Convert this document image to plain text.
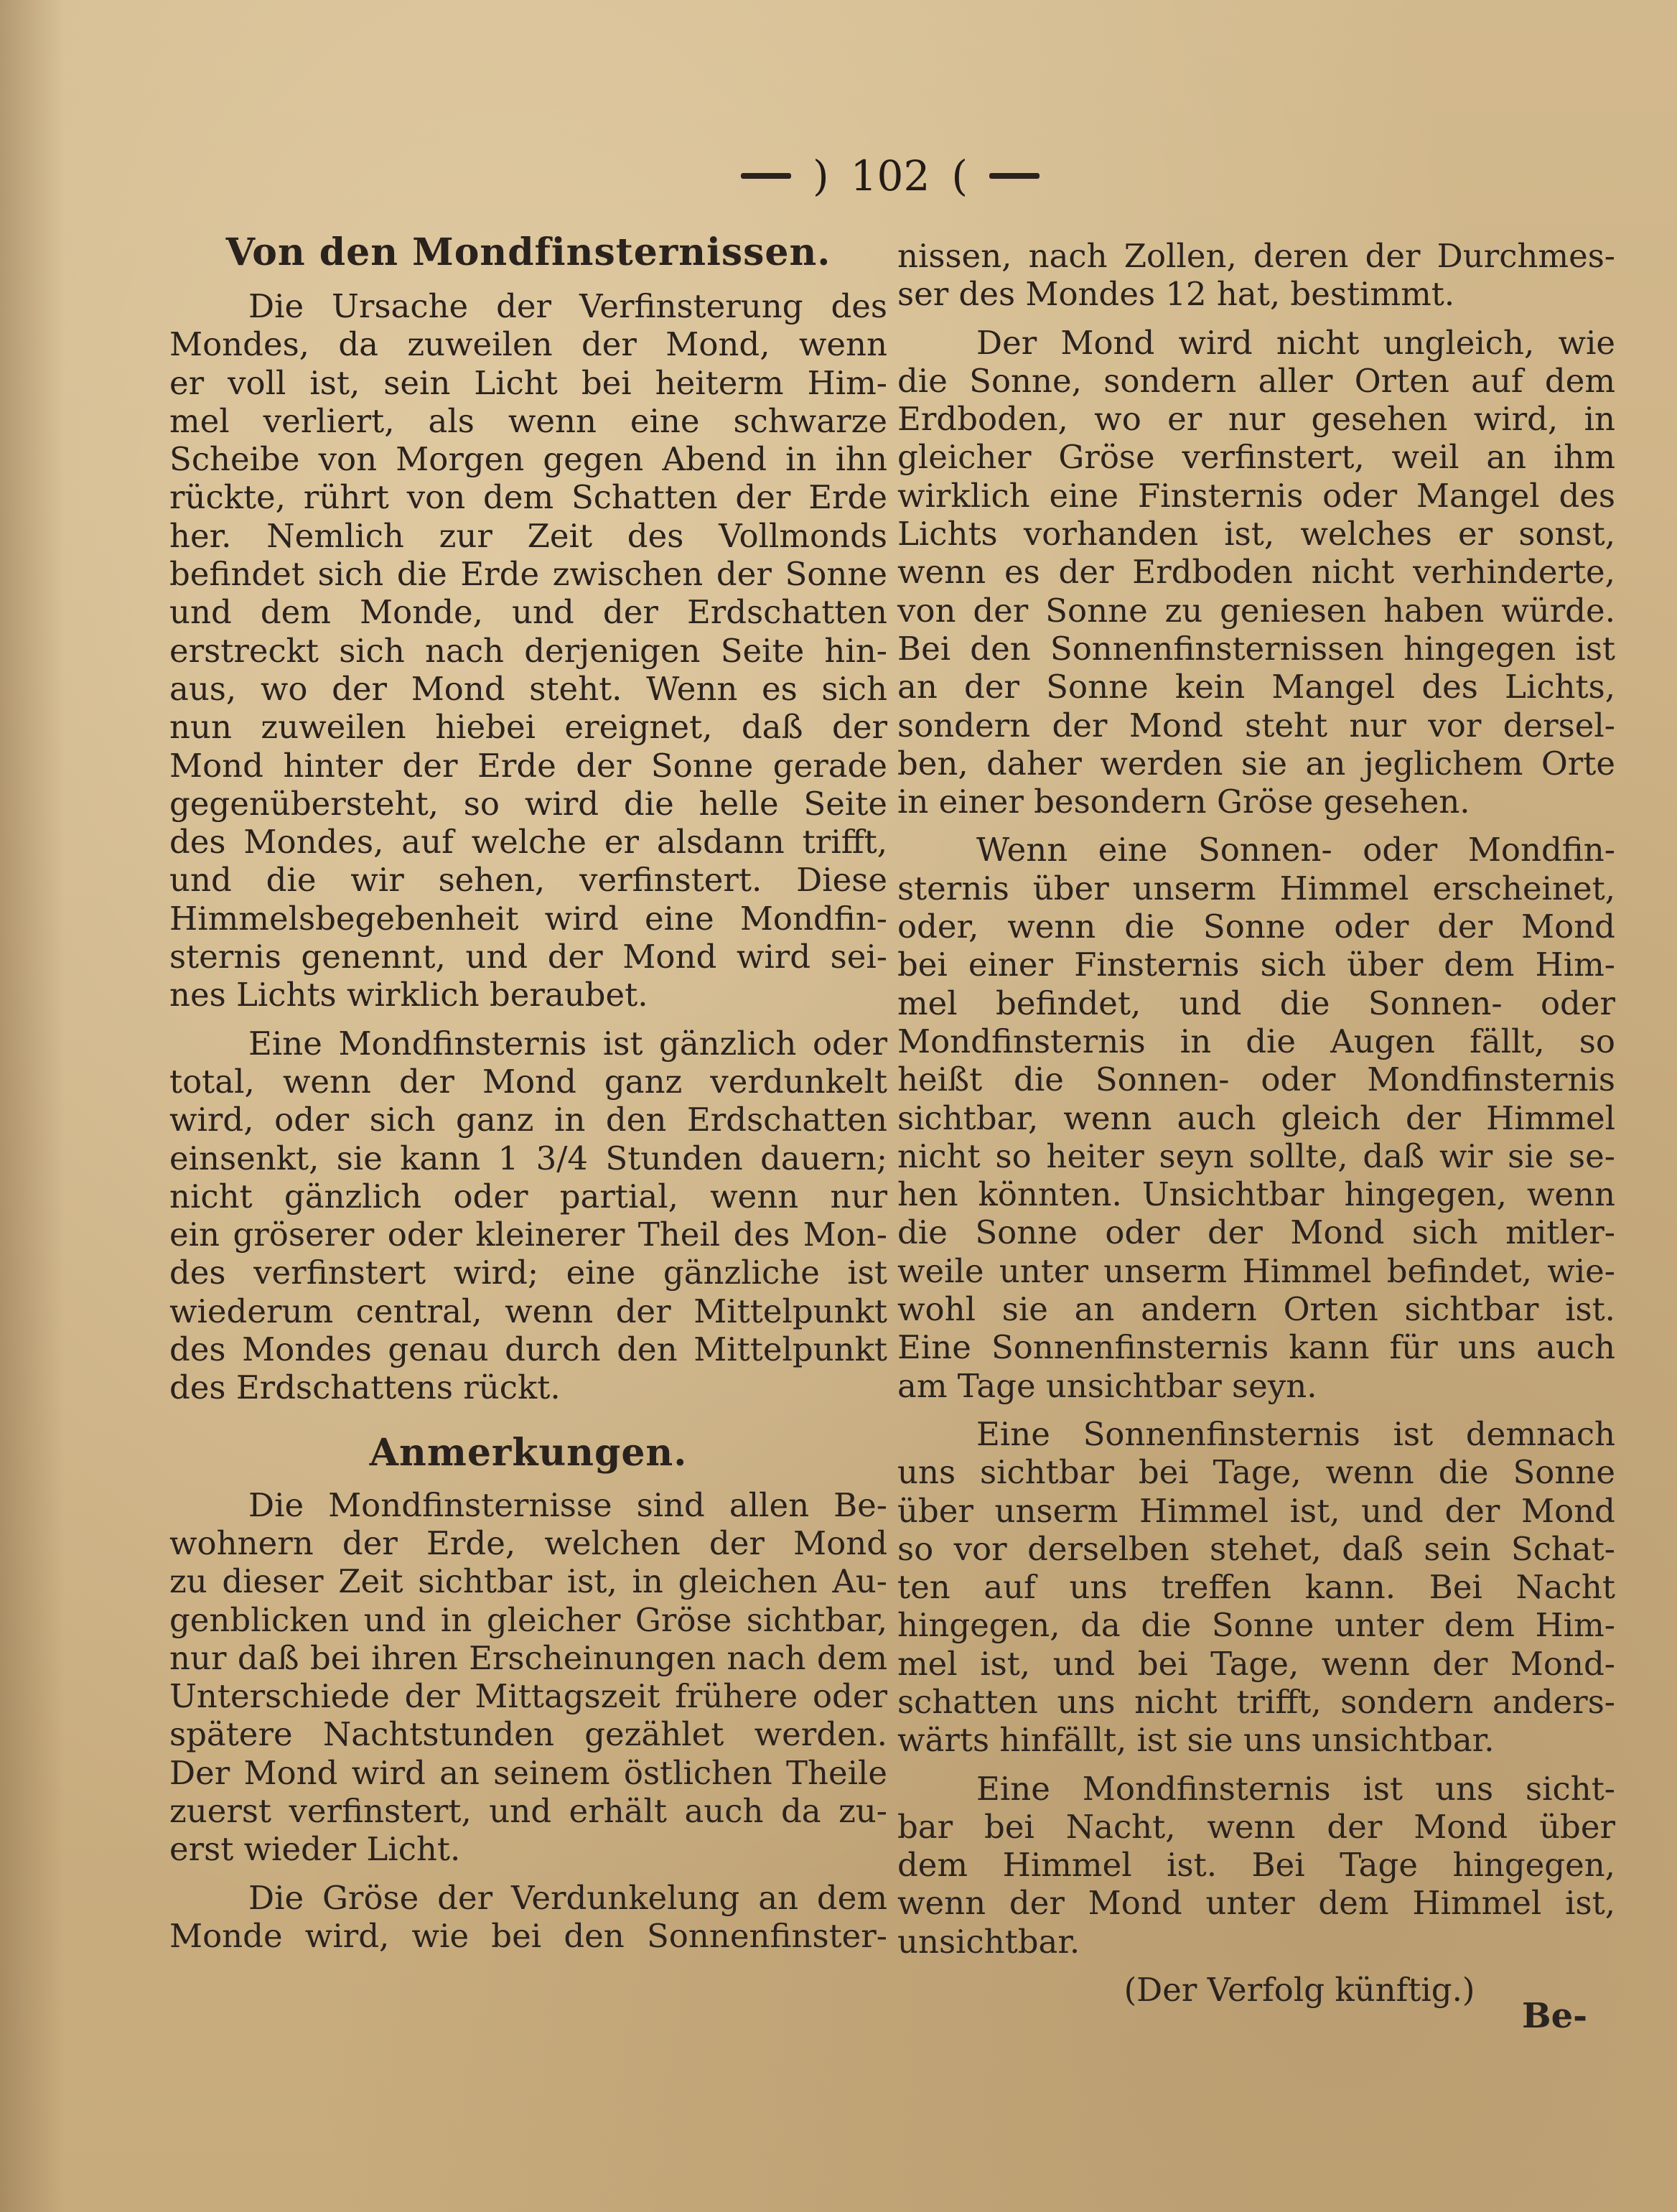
) 102 (
Von den Mondfinsternissen.
Die Ursache der Verfinsterung des
Mondes, da zuweilen der Mond, wenn
er voll ist, sein Licht bei heiterm Him-
mel verliert, als wenn eine schwarze
Scheibe von Morgen gegen Abend in ihn
rückte, rührt von dem Schatten der Erde
her. Nemlich zur Zeit des Vollmonds
befindet sich die Erde zwischen der Sonne
und dem Monde, und der Erdschatten
erstreckt sich nach derjenigen Seite hin-
aus, wo der Mond steht. Wenn es sich
nun zuweilen hiebei ereignet, daß der
Mond hinter der Erde der Sonne gerade
gegenübersteht, so wird die helle Seite
des Mondes, auf welche er alsdann trifft,
und die wir sehen, verfinstert. Diese
Himmelsbegebenheit wird eine Mondfin-
sternis genennt, und der Mond wird sei-
nes Lichts wirklich beraubet.
Eine Mondfinsternis ist gänzlich oder
total, wenn der Mond ganz verdunkelt
wird, oder sich ganz in den Erdschatten
einsenkt, sie kann 1 3/4 Stunden dauern;
nicht gänzlich oder partial, wenn nur
ein gröserer oder kleinerer Theil des Mon-
des verfinstert wird; eine gänzliche ist
wiederum central, wenn der Mittelpunkt
des Mondes genau durch den Mittelpunkt
des Erdschattens rückt.
Anmerkungen.
Die Mondfinsternisse sind allen Be-
wohnern der Erde, welchen der Mond
zu dieser Zeit sichtbar ist, in gleichen Au-
genblicken und in gleicher Gröse sichtbar,
nur daß bei ihren Erscheinungen nach dem
Unterschiede der Mittagszeit frühere oder
spätere Nachtstunden gezählet werden.
Der Mond wird an seinem östlichen Theile
zuerst verfinstert, und erhält auch da zu-
erst wieder Licht.
Die Gröse der Verdunkelung an dem
Monde wird, wie bei den Sonnenfinster-
nissen, nach Zollen, deren der Durchmes-
ser des Mondes 12 hat, bestimmt.
Der Mond wird nicht ungleich, wie
die Sonne, sondern aller Orten auf dem
Erdboden, wo er nur gesehen wird, in
gleicher Gröse verfinstert, weil an ihm
wirklich eine Finsternis oder Mangel des
Lichts vorhanden ist, welches er sonst,
wenn es der Erdboden nicht verhinderte,
von der Sonne zu geniesen haben würde.
Bei den Sonnenfinsternissen hingegen ist
an der Sonne kein Mangel des Lichts,
sondern der Mond steht nur vor dersel-
ben, daher werden sie an jeglichem Orte
in einer besondern Gröse gesehen.
Wenn eine Sonnen- oder Mondfin-
sternis über unserm Himmel erscheinet,
oder, wenn die Sonne oder der Mond
bei einer Finsternis sich über dem Him-
mel befindet, und die Sonnen- oder
Mondfinsternis in die Augen fällt, so
heißt die Sonnen- oder Mondfinsternis
sichtbar, wenn auch gleich der Himmel
nicht so heiter seyn sollte, daß wir sie se-
hen könnten. Unsichtbar hingegen, wenn
die Sonne oder der Mond sich mitler-
weile unter unserm Himmel befindet, wie-
wohl sie an andern Orten sichtbar ist.
Eine Sonnenfinsternis kann für uns auch
am Tage unsichtbar seyn.
Eine Sonnenfinsternis ist demnach
uns sichtbar bei Tage, wenn die Sonne
über unserm Himmel ist, und der Mond
so vor derselben stehet, daß sein Schat-
ten auf uns treffen kann. Bei Nacht
hingegen, da die Sonne unter dem Him-
mel ist, und bei Tage, wenn der Mond-
schatten uns nicht trifft, sondern anders-
wärts hinfällt, ist sie uns unsichtbar.
Eine Mondfinsternis ist uns sicht-
bar bei Nacht, wenn der Mond über
dem Himmel ist. Bei Tage hingegen,
wenn der Mond unter dem Himmel ist,
unsichtbar.
(Der Verfolg künftig.)
Be-
